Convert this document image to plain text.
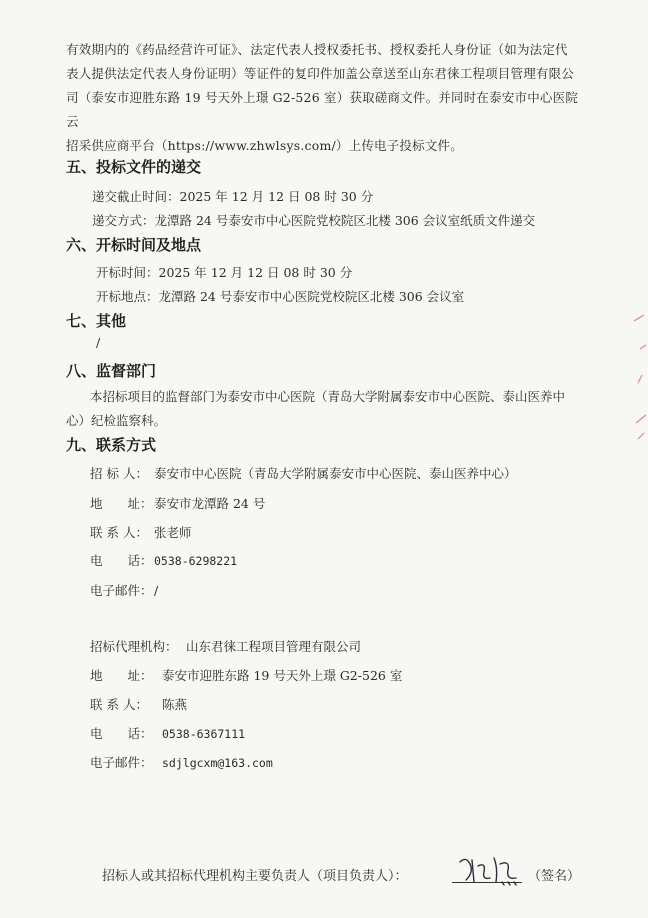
有效期内的《药品经营许可证》、法定代表人授权委托书、授权委托人身份证（如为法定代
表人提供法定代表人身份证明）等证件的复印件加盖公章送至山东君徕工程项目管理有限公
司（泰安市迎胜东路 19 号天外上璟 G2-526 室）获取磋商文件。并同时在泰安市中心医院云
招采供应商平台（https://www.zhwlsys.com/）上传电子投标文件。
五、投标文件的递交
递交截止时间：2025 年 12 月 12 日 08 时 30 分
递交方式：龙潭路 24 号泰安市中心医院党校院区北楼 306 会议室纸质文件递交
六、开标时间及地点
开标时间：2025 年 12 月 12 日 08 时 30 分
开标地点：龙潭路 24 号泰安市中心医院党校院区北楼 306 会议室
七、其他
/
八、监督部门
本招标项目的监督部门为泰安市中心医院（青岛大学附属泰安市中心医院、泰山医养中
心）纪检监察科。
九、联系方式
招 标 人： 泰安市中心医院（青岛大学附属泰安市中心医院、泰山医养中心）
地　　址：泰安市龙潭路 24 号
联 系 人： 张老师
电　　话：0538-6298221
电子邮件：/
招标代理机构： 山东君徕工程项目管理有限公司
地　　址： 泰安市迎胜东路 19 号天外上璟 G2-526 室
联 系 人： 陈燕
电　　话： 0538-6367111
电子邮件： sdjlgcxm@163.com
招标人或其招标代理机构主要负责人（项目负责人）：	（签名）
